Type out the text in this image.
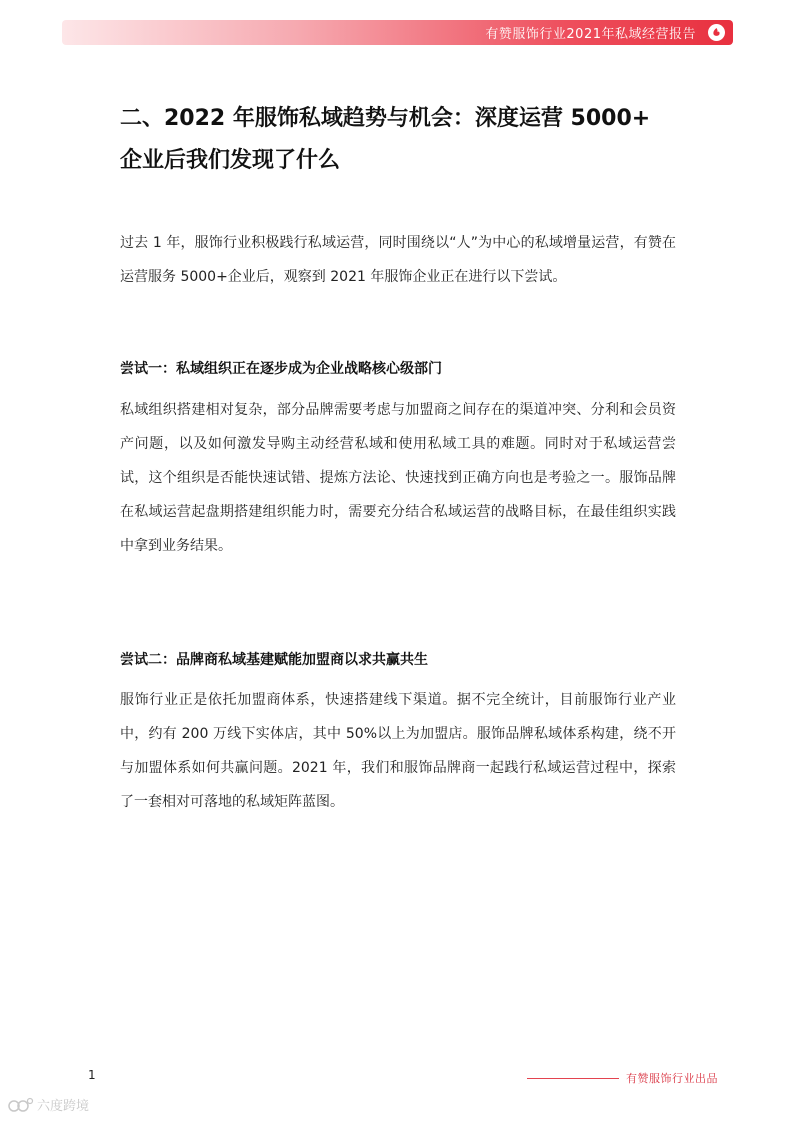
有赞服饰行业2021年私域经营报告
二、2022 年服饰私域趋势与机会：深度运营 5000+
企业后我们发现了什么

过去 1 年，服饰行业积极践行私域运营，同时围绕以“人”为中心的私域增量运营，有赞在运营服务 5000+企业后，观察到 2021 年服饰企业正在进行以下尝试。

尝试一：私域组织正在逐步成为企业战略核心级部门

私域组织搭建相对复杂，部分品牌需要考虑与加盟商之间存在的渠道冲突、分利和会员资产问题，以及如何激发导购主动经营私域和使用私域工具的难题。同时对于私域运营尝试，这个组织是否能快速试错、提炼方法论、快速找到正确方向也是考验之一。服饰品牌在私域运营起盘期搭建组织能力时，需要充分结合私域运营的战略目标，在最佳组织实践中拿到业务结果。

尝试二：品牌商私域基建赋能加盟商以求共赢共生

服饰行业正是依托加盟商体系，快速搭建线下渠道。据不完全统计，目前服饰行业产业中，约有 200 万线下实体店，其中 50%以上为加盟店。服饰品牌私域体系构建，绕不开与加盟体系如何共赢问题。2021 年，我们和服饰品牌商一起践行私域运营过程中，探索了一套相对可落地的私域矩阵蓝图。

1	有赞服饰行业出品
六度跨境
